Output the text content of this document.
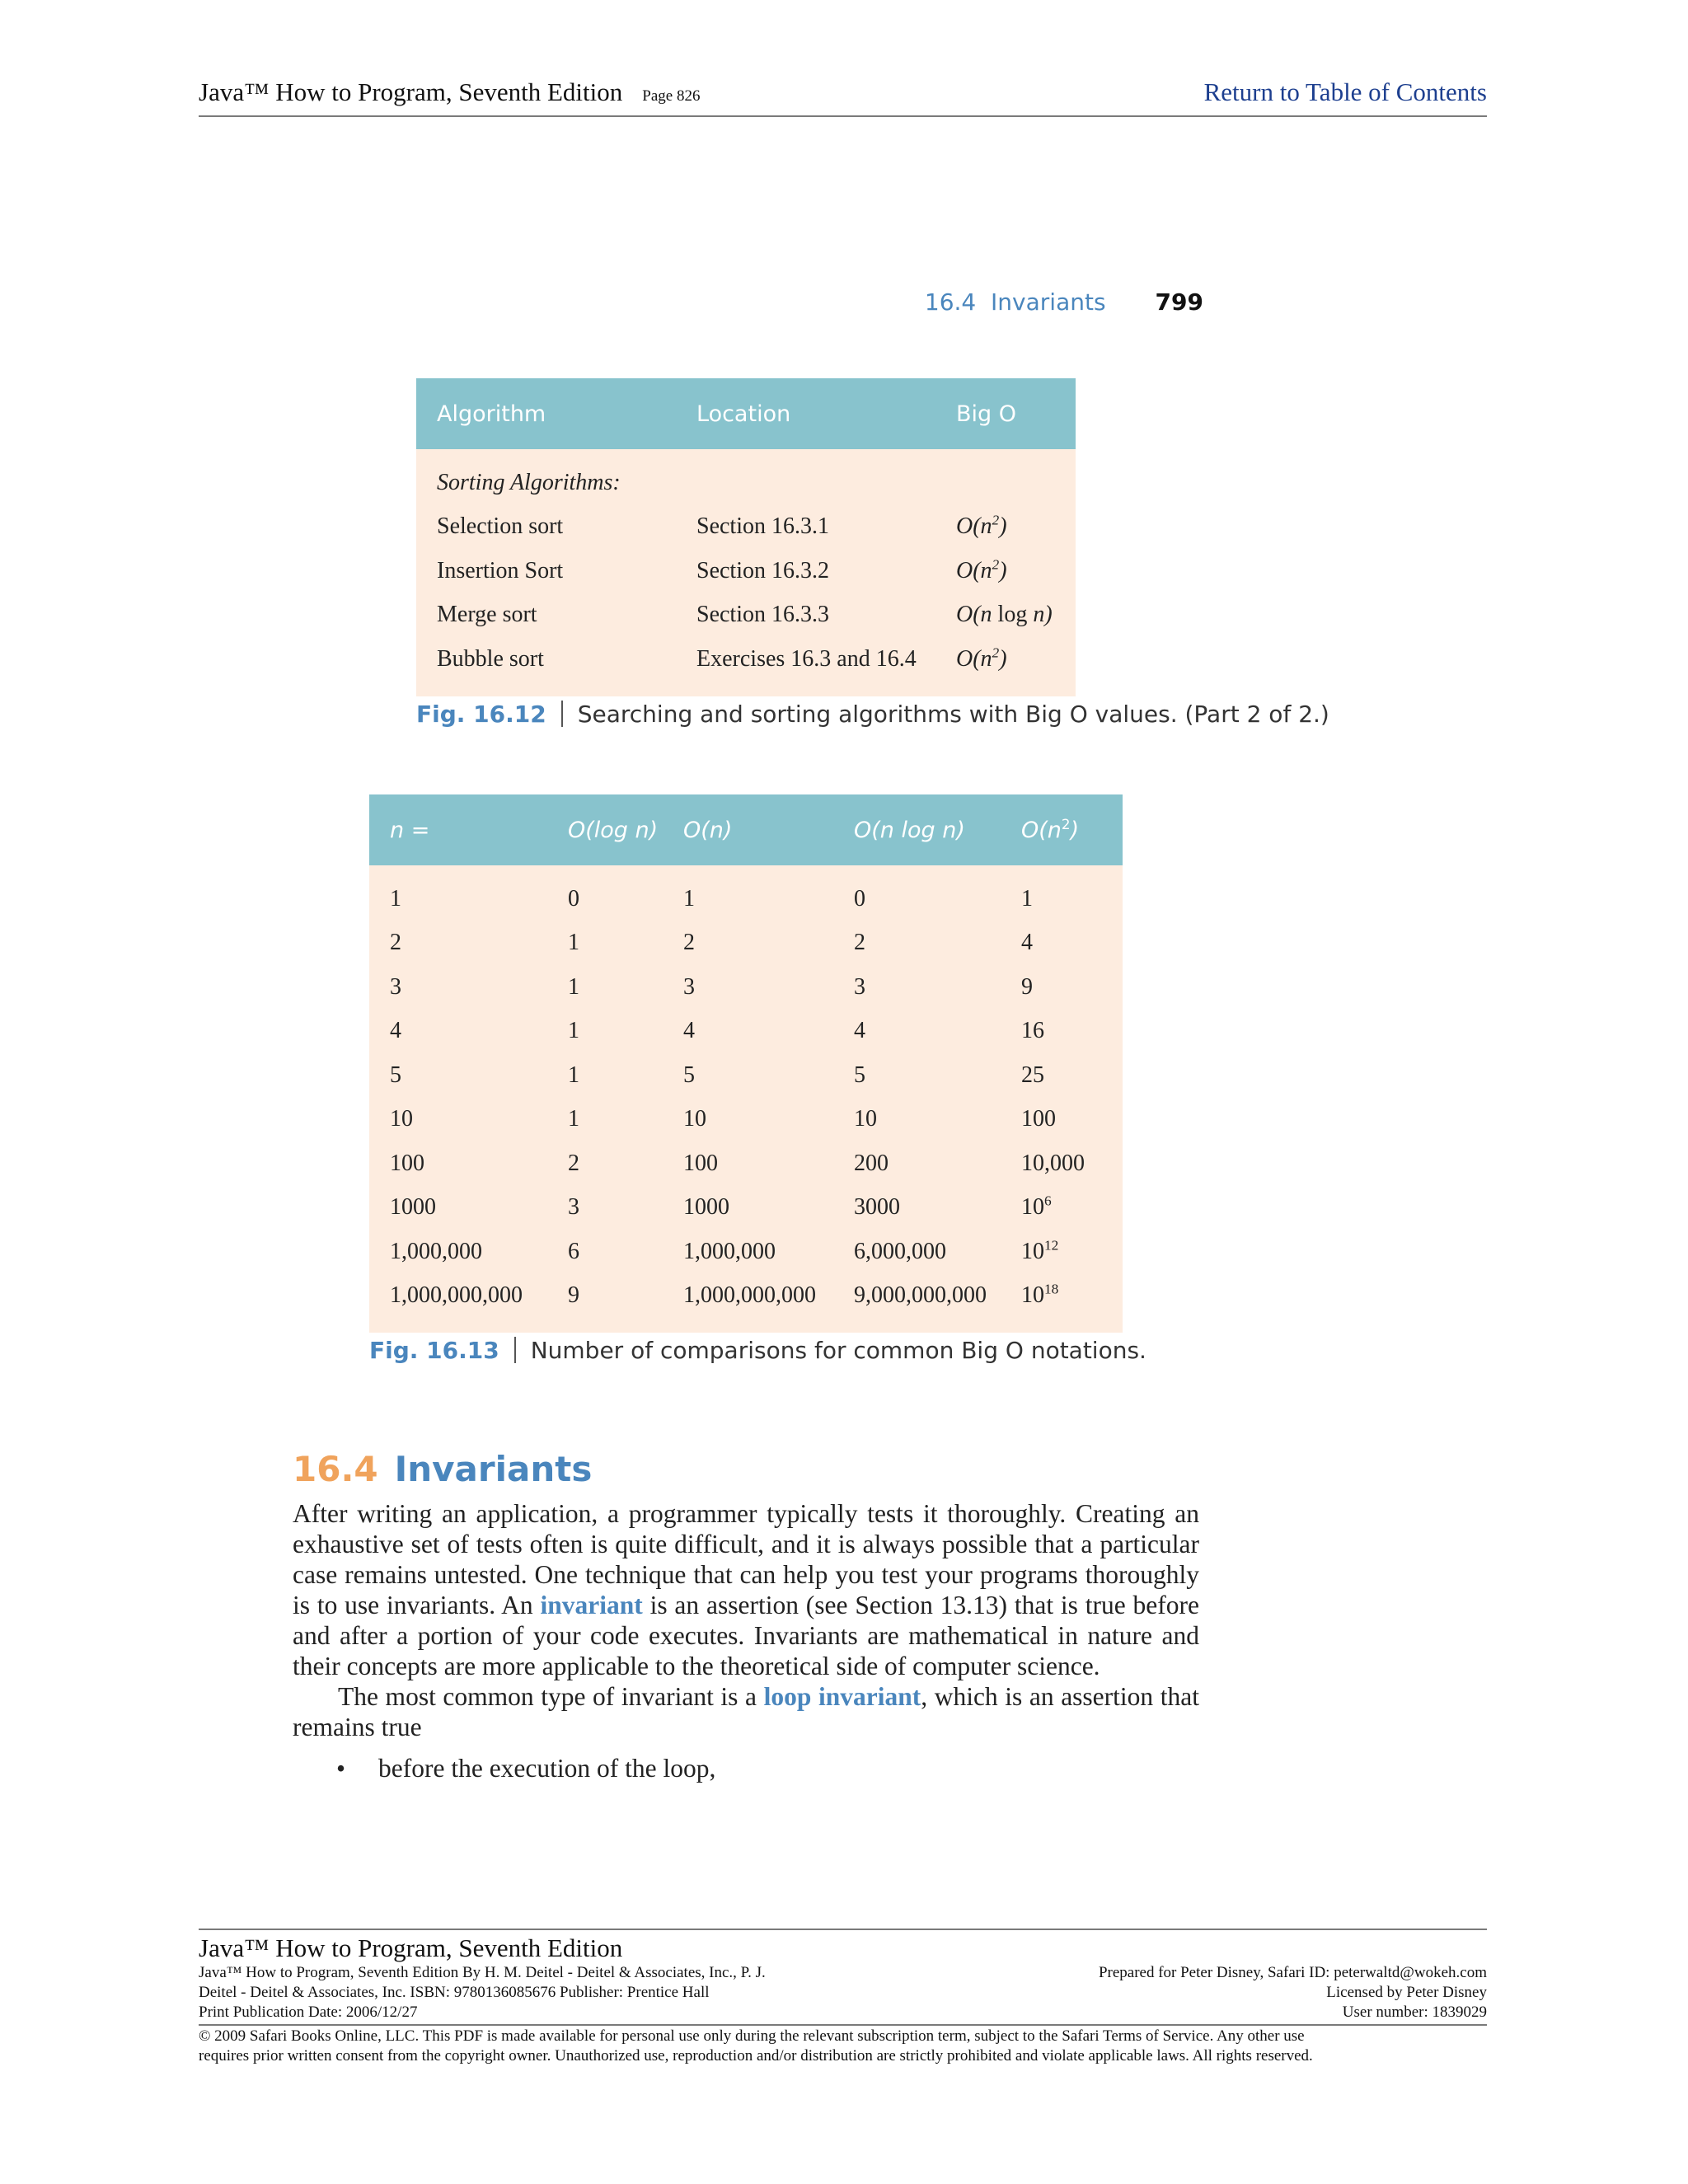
Java™ How to Program, Seventh Edition Page 826	Return to Table of Contents
16.4  Invariants 799
Algorithm	Location	Big O
Sorting Algorithms:		
Selection sort	Section 16.3.1	$O(n^2)$
Insertion Sort	Section 16.3.2	$O(n^2)$
Merge sort	Section 16.3.3	O(n log n)
Bubble sort	Exercises 16.3 and 16.4	$O(n^2)$
Fig. 16.12 Searching and sorting algorithms with Big O values. (Part 2 of 2.)
n =	O(log n)	O(n)	O(n log n)	$O(n^2)$
1	0	1	0	1
2	1	2	2	4
3	1	3	3	9
4	1	4	4	16
5	1	5	5	25
10	1	10	10	100
100	2	100	200	10,000
1000	3	1000	3000	$10^6$
1,000,000	6	1,000,000	6,000,000	$10^{12}$
1,000,000,000	9	1,000,000,000	9,000,000,000	$10^{18}$
Fig. 16.13 Number of comparisons for common Big O notations.
16.4 Invariants

After writing an application, a programmer typically tests it thoroughly. Creating an exhaustive set of tests often is quite difficult, and it is always possible that a particular case remains untested. One technique that can help you test your programs thoroughly is to use invariants. An invariant is an assertion (see Section 13.13) that is true before and after a portion of your code executes. Invariants are mathematical in nature and their concepts are more applicable to the theoretical side of computer science.

The most common type of invariant is a loop invariant, which is an assertion that remains true

• before the execution of the loop,
Java™ How to Program, Seventh Edition
Java™ How to Program, Seventh Edition By H. M. Deitel - Deitel & Associates, Inc., P. J.	Prepared for Peter Disney, Safari ID: peterwaltd@wokeh.com
Deitel - Deitel & Associates, Inc. ISBN: 9780136085676 Publisher: Prentice Hall	Licensed by Peter Disney
Print Publication Date: 2006/12/27	User number: 1839029
© 2009 Safari Books Online, LLC. This PDF is made available for personal use only during the relevant subscription term, subject to the Safari Terms of Service. Any other use
requires prior written consent from the copyright owner. Unauthorized use, reproduction and/or distribution are strictly prohibited and violate applicable laws. All rights reserved.
